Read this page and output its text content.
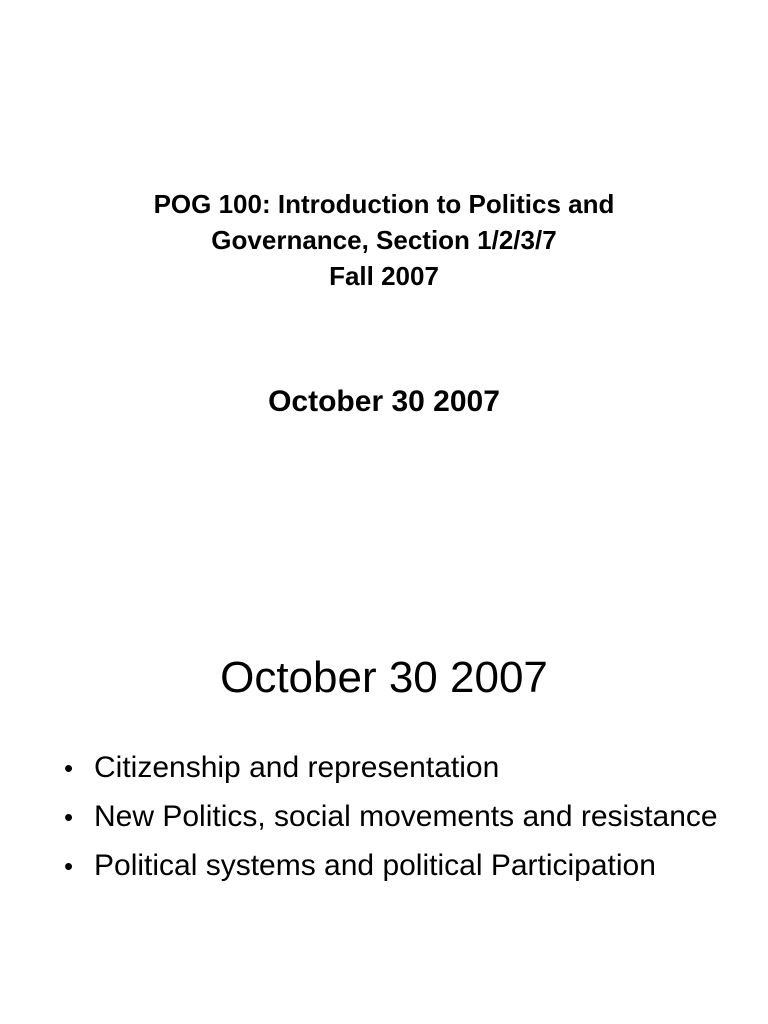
POG 100: Introduction to Politics and
Governance, Section 1/2/3/7
Fall 2007
October 30 2007
October 30 2007
• Citizenship and representation
• New Politics, social movements and resistance
• Political systems and political Participation
